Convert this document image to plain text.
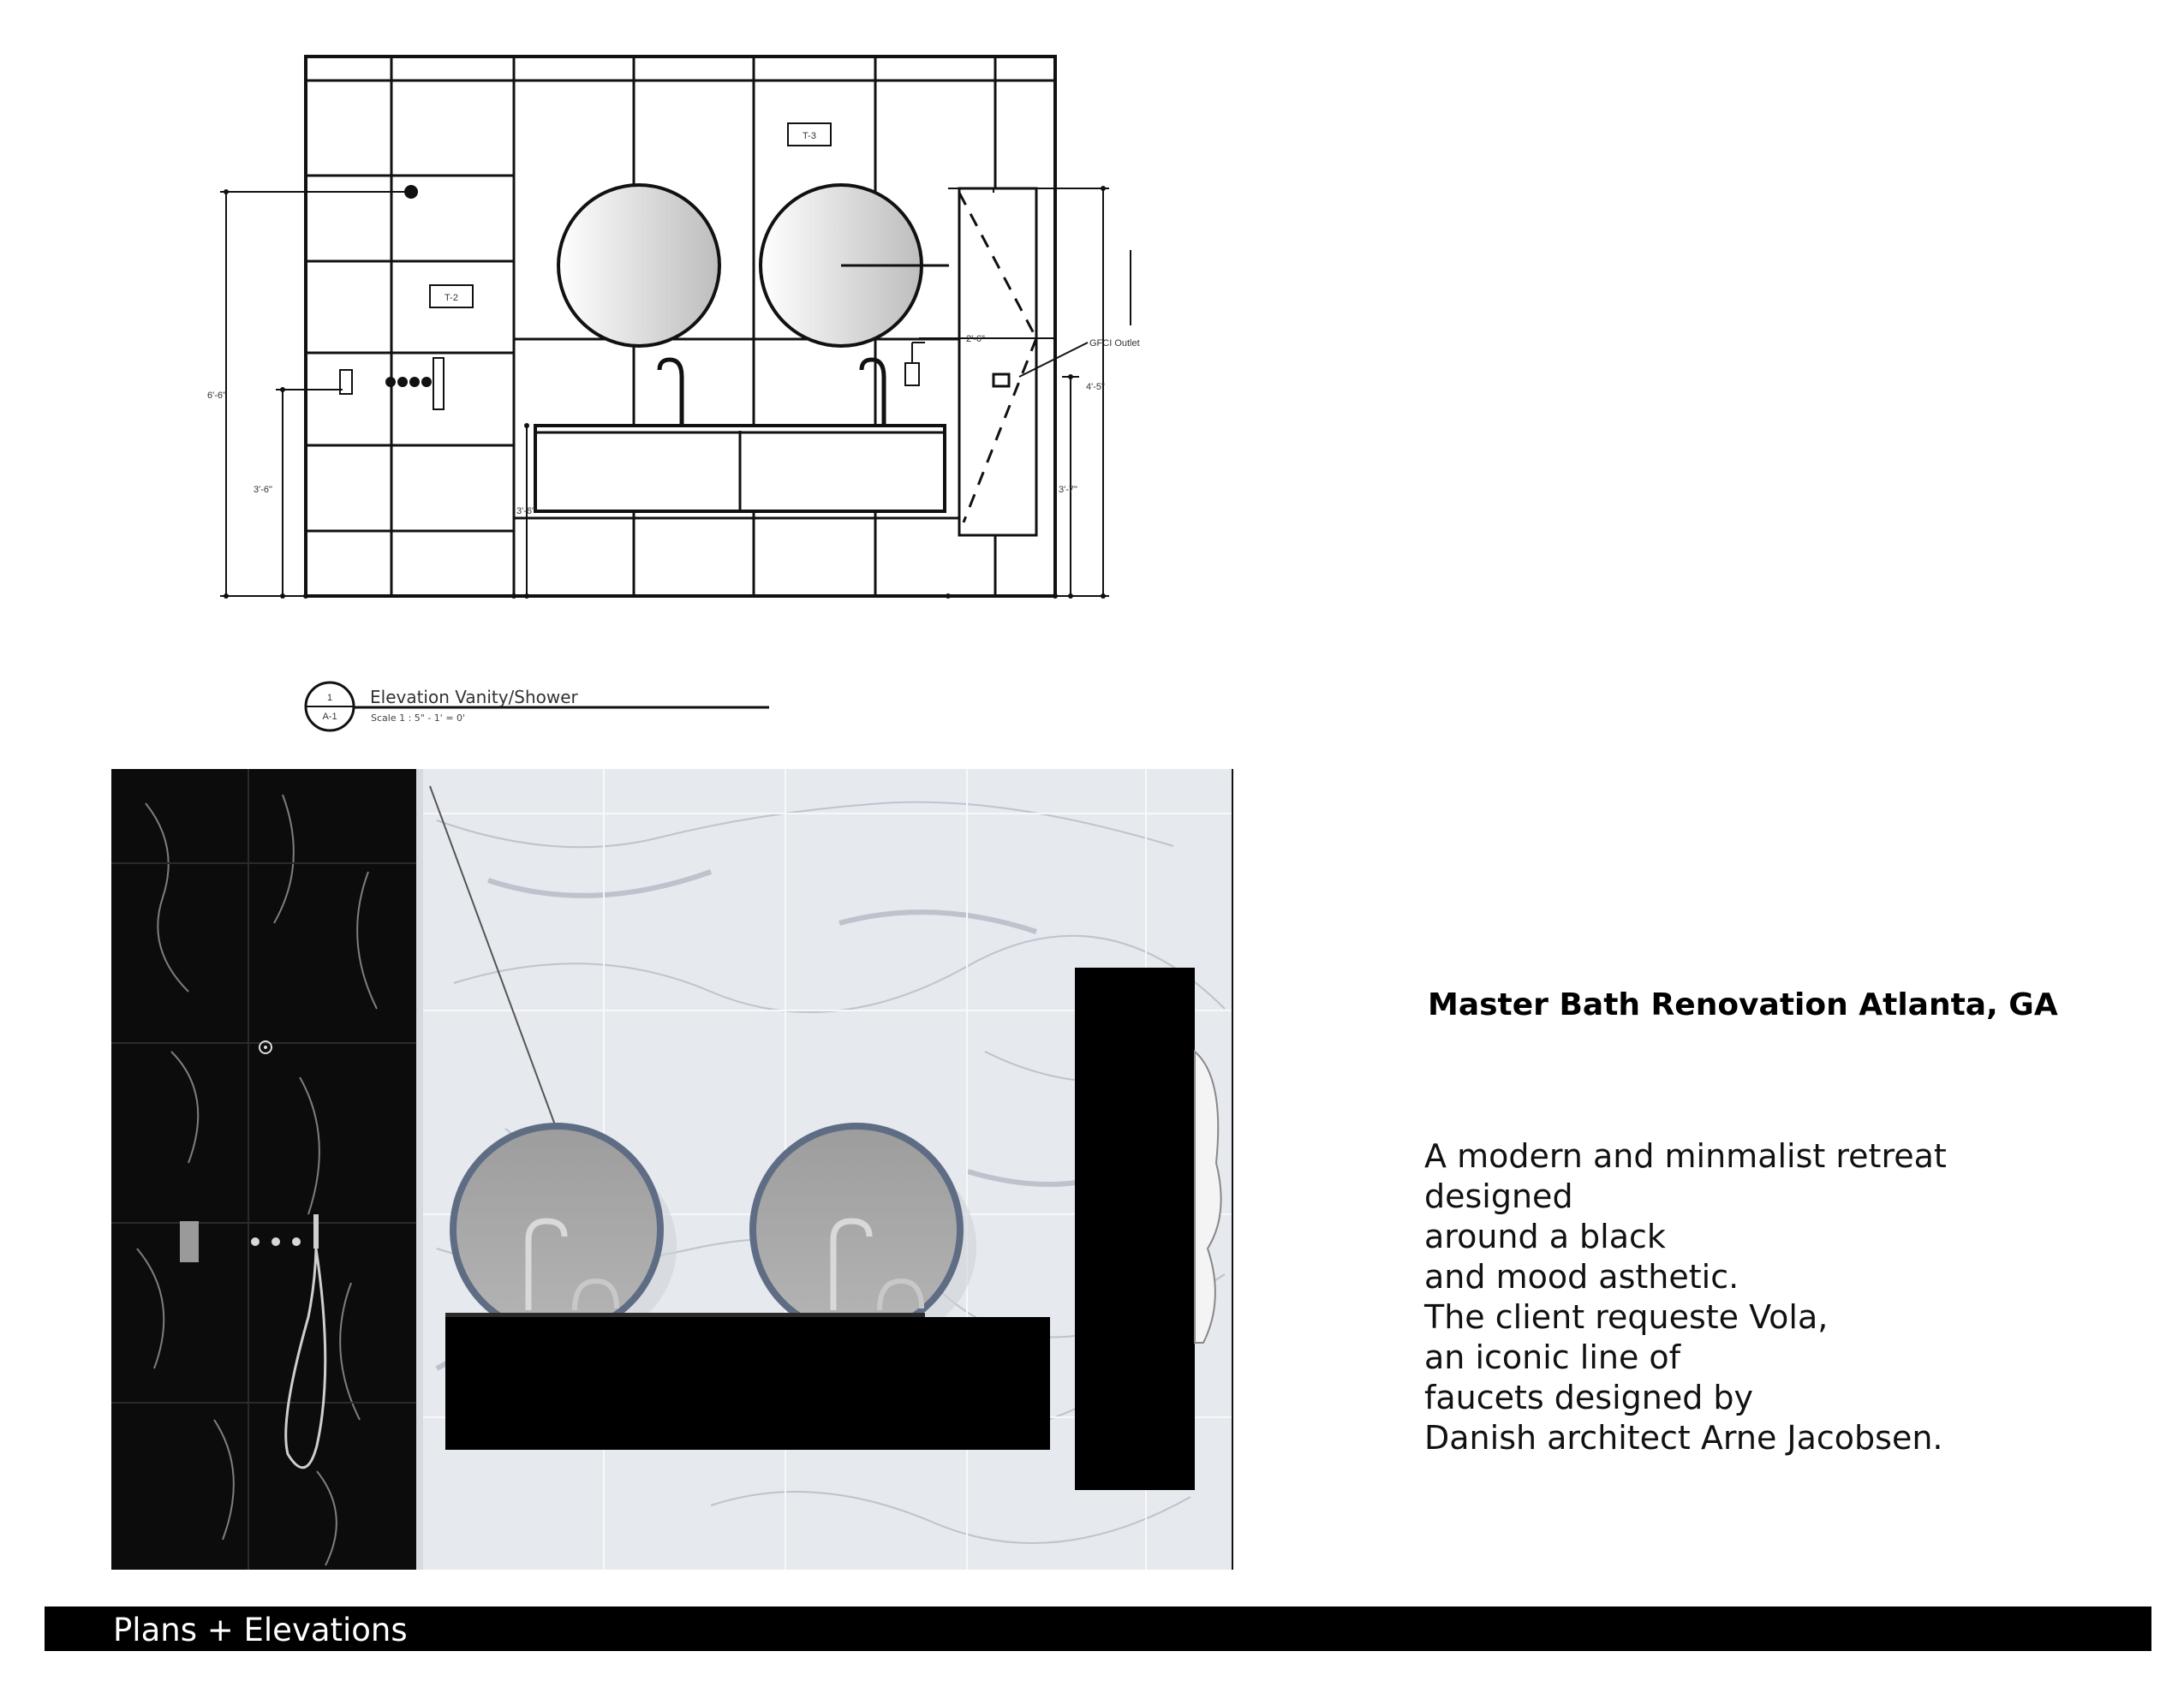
T-2
T-3
GFCI Outlet
6'-6"
3'-6"
2'-6"
4'-5"
3'-7"
3'-6"
1
A-1
Elevation Vanity/Shower
Scale 1 : 5" - 1' = 0'
Master Bath Renovation Atlanta, GA
A modern and minmalist retreat
designed
around a black
and mood asthetic.
The client requeste Vola,
an iconic line of
faucets designed by
Danish architect Arne Jacobsen.
Plans + Elevations
